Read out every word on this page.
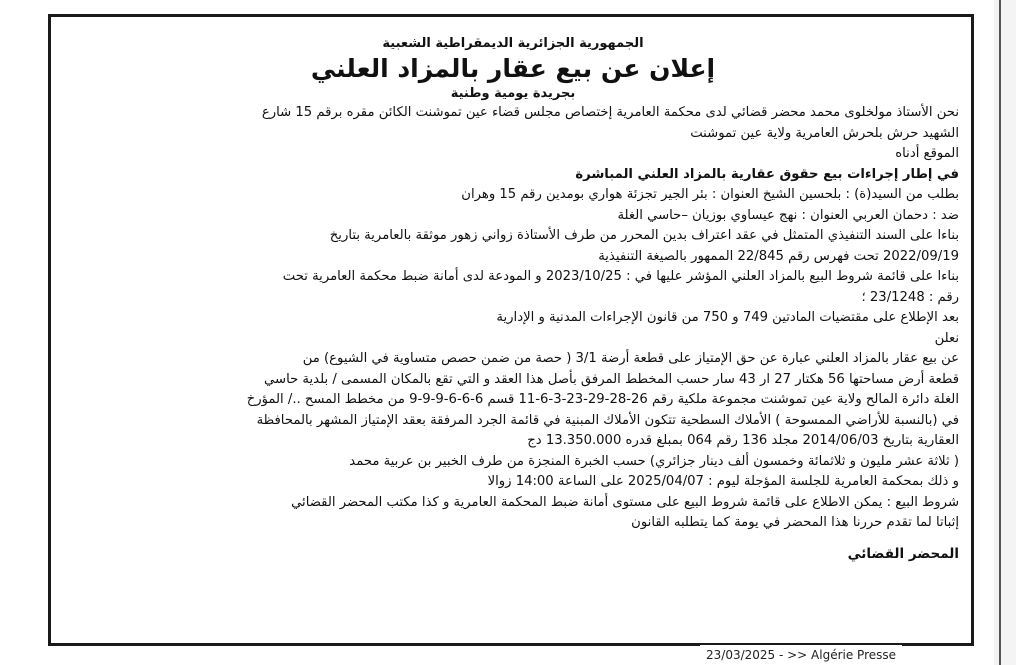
الجمهورية الجزائرية الديمقراطية الشعبية
إعلان عن بيع عقار بالمزاد العلني
بجريدة يومية وطنية
نحن الأستاذ مولخلوى محمد محضر قضائي لدى محكمة العامرية إختصاص مجلس قضاء عين تموشنت الكائن مقره برقم 15 شارع
الشهيد حرش بلحرش العامرية ولاية عين تموشنت
الموقع أدناه
في إطار إجراءات بيع حقوق عقارية بالمزاد العلني المباشرة
بطلب من السيد(ة) : بلحسين الشيخ العنوان : بئر الجير تجزئة هواري بومدين رقم 15 وهران
ضد : دحمان العربي العنوان : نهج عيساوي بوزيان –حاسي الغلة
بناءا على السند التنفيذي المتمثل في عقد اعتراف بدين المحرر من طرف الأستاذة زواني زهور موثقة بالعامرية بتاريخ
2022/09/19 تحت فهرس رقم 22/845 الممهور بالصيغة التنفيذية
بناءا على قائمة شروط البيع بالمزاد العلني المؤشر عليها في : 2023/10/25 و المودعة لدى أمانة ضبط محكمة العامرية تحت
رقم : 23/1248 ؛
بعد الإطلاع على مقتضيات المادتين 749 و 750 من قانون الإجراءات المدنية و الإدارية
نعلن
عن بيع عقار بالمزاد العلني عبارة عن حق الإمتياز على قطعة أرضة 3/1 ( حصة من ضمن حصص متساوية في الشيوع) من
قطعة أرض مساحتها 56 هكتار 27 ار 43 سار حسب المخطط المرفق بأصل هذا العقد و التي تقع بالمكان المسمى / بلدية حاسي
الغلة دائرة المالح ولاية عين تموشنت مجموعة ملكية رقم 26-28-29-23-3-6-11 قسم 6-6-6-9-9-9 من مخطط المسح ../ المؤرخ
في (بالنسبة للأراضي الممسوحة ) الأملاك السطحية تتكون الأملاك المبنية في قائمة الجرد المرفقة بعقد الإمتياز المشهر بالمحافظة
العقارية بتاريخ 2014/06/03 مجلد 136 رقم 064 بمبلغ قدره 13.350.000 دج
( ثلاثة عشر مليون و ثلاثمائة وخمسون ألف دينار جزائري) حسب الخبرة المنجزة من طرف الخبير بن عربية محمد
و ذلك بمحكمة العامرية للجلسة المؤجلة ليوم : 2025/04/07 على الساعة 14:00 زوالا
شروط البيع : يمكن الاطلاع على قائمة شروط البيع على مستوى أمانة ضبط المحكمة العامرية و كذا مكتب المحضر القضائي
إثباتا لما تقدم حررنا هذا المحضر في يومة كما يتطلبه القانون
المحضر القضائي
23/03/2025 - >> Algérie Presse
